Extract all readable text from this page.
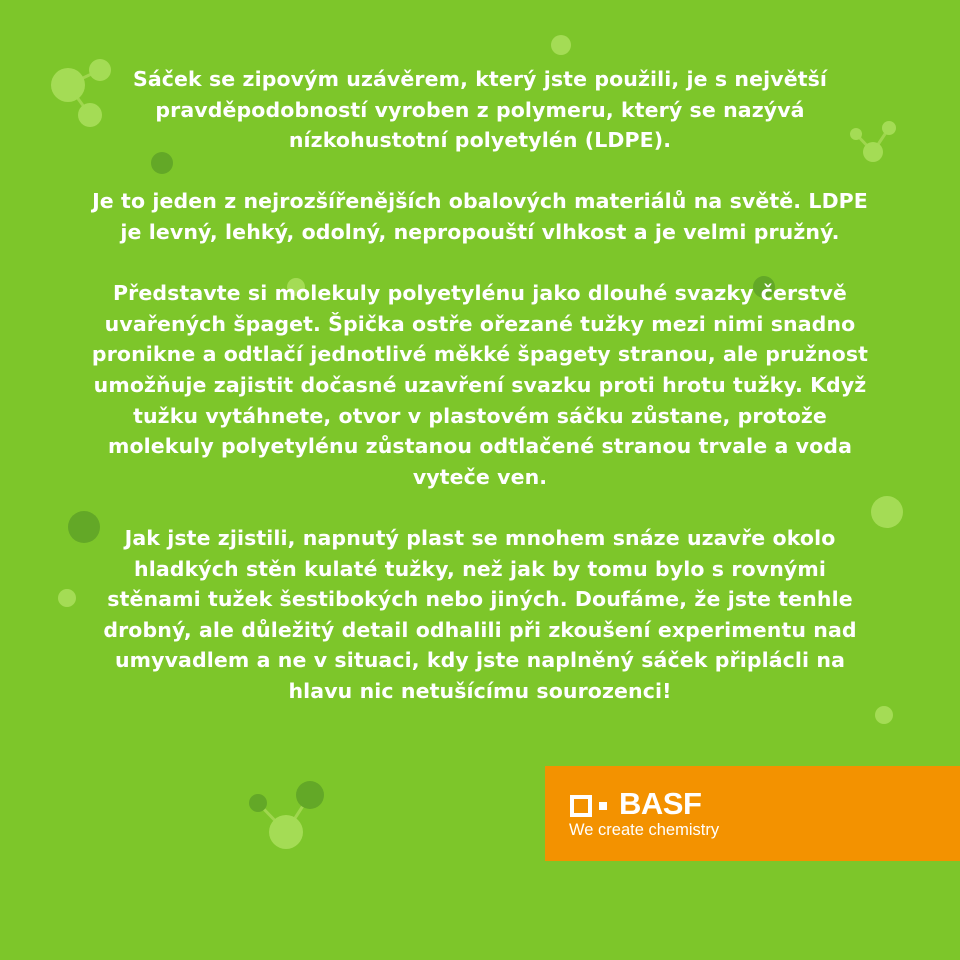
Sáček se zipovým uzávěrem, který jste použili, je s největší pravděpodobností vyroben z polymeru, který se nazývá nízkohustotní polyetylén (LDPE).

Je to jeden z nejrozšířenějších obalových materiálů na světě. LDPE je levný, lehký, odolný, nepropouští vlhkost a je velmi pružný.

Představte si molekuly polyetylénu jako dlouhé svazky čerstvě uvařených špaget. Špička ostře ořezané tužky mezi nimi snadno pronikne a odtlačí jednotlivé měkké špagety stranou, ale pružnost umožňuje zajistit dočasné uzavření svazku proti hrotu tužky. Když tužku vytáhnete, otvor v plastovém sáčku zůstane, protože molekuly polyetylénu zůstanou odtlačené stranou trvale a voda vyteče ven.

Jak jste zjistili, napnutý plast se mnohem snáze uzavře okolo hladkých stěn kulaté tužky, než jak by tomu bylo s rovnými stěnami tužek šestibokých nebo jiných. Doufáme, že jste tenhle drobný, ale důležitý detail odhalili při zkoušení experimentu nad umyvadlem a ne v situaci, kdy jste naplněný sáček připlácli na hlavu nic netušícímu sourozenci!

BASF
We create chemistry
